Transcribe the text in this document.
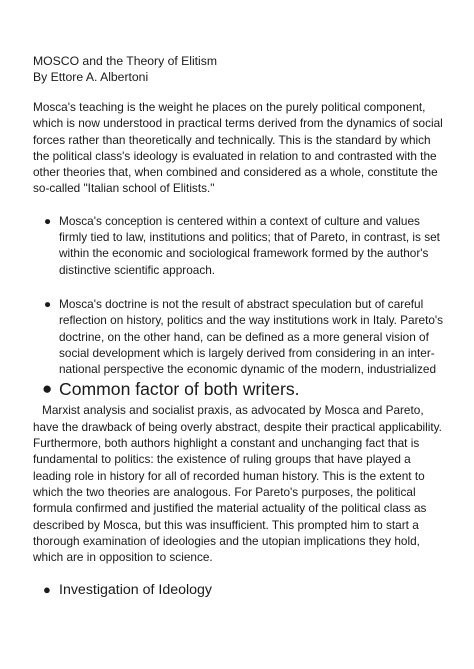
MOSCO and the Theory of Elitism

By Ettore A. Albertoni

Mosca's teaching is the weight he places on the purely political component, which is now understood in practical terms derived from the dynamics of social forces rather than theoretically and technically. This is the standard by which the political class's ideology is evaluated in relation to and contrasted with the other theories that, when combined and considered as a whole, constitute the so-called "Italian school of Elitists."

● Mosca's conception is centered within a context of culture and values firmly tied to law, institutions and politics; that of Pareto, in contrast, is set within the economic and sociological framework formed by the author's distinctive scientific approach.
● Mosca's doctrine is not the result of abstract speculation but of careful reflection on history, politics and the way institutions work in Italy. Pareto's doctrine, on the other hand, can be defined as a more general vision of social development which is largely derived from considering in an inter- national perspective the economic dynamic of the modern, industrialized
● Common factor of both writers.

Marxist analysis and socialist praxis, as advocated by Mosca and Pareto, have the drawback of being overly abstract, despite their practical applicability. Furthermore, both authors highlight a constant and unchanging fact that is fundamental to politics: the existence of ruling groups that have played a leading role in history for all of recorded human history. This is the extent to which the two theories are analogous. For Pareto's purposes, the political formula confirmed and justified the material actuality of the political class as described by Mosca, but this was insufficient. This prompted him to start a thorough examination of ideologies and the utopian implications they hold, which are in opposition to science.

● Investigation of Ideology
